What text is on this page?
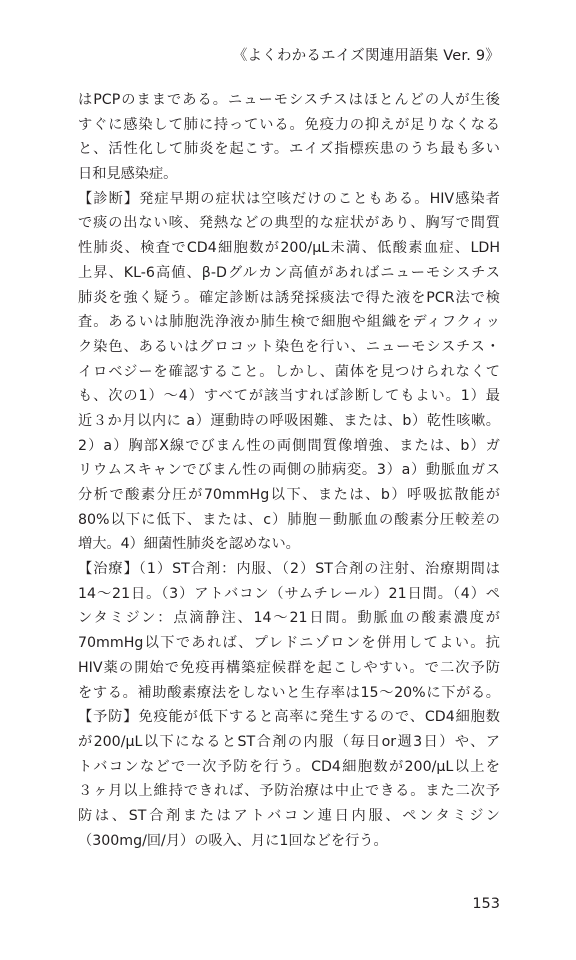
《よくわかるエイズ関連用語集 Ver. 9》
はPCPのままである。ニューモシスチスはほとんどの人が生後
すぐに感染して肺に持っている。免疫力の抑えが足りなくなる
と、活性化して肺炎を起こす。エイズ指標疾患のうち最も多い
日和見感染症。
【診断】発症早期の症状は空咳だけのこともある。HIV感染者
で痰の出ない咳、発熱などの典型的な症状があり、胸写で間質
性肺炎、検査でCD4細胞数が200/μL未満、低酸素血症、LDH
上昇、KL-6高値、β-Dグルカン高値があればニューモシスチス
肺炎を強く疑う。確定診断は誘発採痰法で得た液をPCR法で検
査。あるいは肺胞洗浄液か肺生検で細胞や組織をディフクィッ
ク染色、あるいはグロコット染色を行い、ニューモシスチス・
イロベジーを確認すること。しかし、菌体を見つけられなくて
も、次の1）〜4）すべてが該当すれば診断してもよい。1）最
近３か月以内に a）運動時の呼吸困難、または、b）乾性咳嗽。
2）a）胸部X線でびまん性の両側間質像増強、または、b）ガ
リウムスキャンでびまん性の両側の肺病変。3）a）動脈血ガス
分析で酸素分圧が70mmHg以下、または、b）呼吸拡散能が
80%以下に低下、または、c）肺胞－動脈血の酸素分圧較差の
増大。4）細菌性肺炎を認めない。
【治療】（1）ST合剤：内服、（2）ST合剤の注射、治療期間は
14〜21日。（3）アトバコン（サムチレール）21日間。（4）ペ
ンタミジン：点滴静注、14〜21日間。動脈血の酸素濃度が
70mmHg以下であれば、プレドニゾロンを併用してよい。抗
HIV薬の開始で免疫再構築症候群を起こしやすい。で二次予防
をする。補助酸素療法をしないと生存率は15〜20%に下がる。
【予防】免疫能が低下すると高率に発生するので、CD4細胞数
が200/μL以下になるとST合剤の内服（毎日or週3日）や、ア
トバコンなどで一次予防を行う。CD4細胞数が200/μL以上を
３ヶ月以上維持できれば、予防治療は中止できる。また二次予
防は、ST合剤またはアトバコン連日内服、ペンタミジン
（300mg/回/月）の吸入、月に1回などを行う。
153
